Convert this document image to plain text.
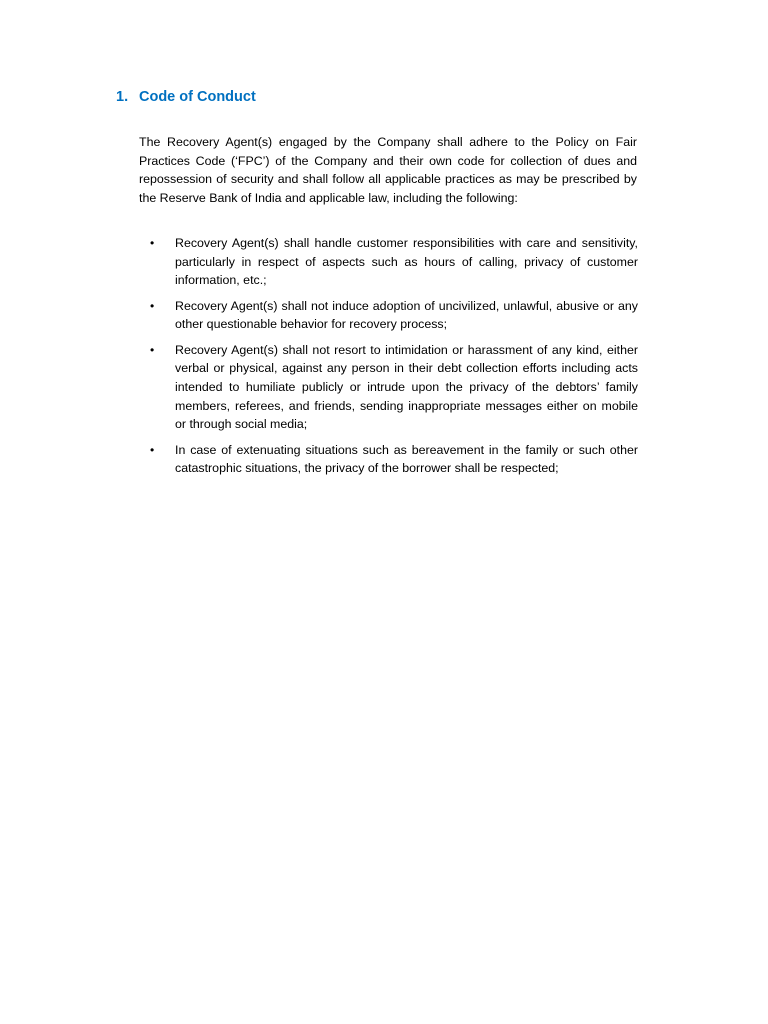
1. Code of Conduct

The Recovery Agent(s) engaged by the Company shall adhere to the Policy on Fair Practices Code (‘FPC’) of the Company and their own code for collection of dues and repossession of security and shall follow all applicable practices as may be prescribed by the Reserve Bank of India and applicable law, including the following:

• Recovery Agent(s) shall handle customer responsibilities with care and sensitivity, particularly in respect of aspects such as hours of calling, privacy of customer information, etc.;
• Recovery Agent(s) shall not induce adoption of uncivilized, unlawful, abusive or any other questionable behavior for recovery process;
• Recovery Agent(s) shall not resort to intimidation or harassment of any kind, either verbal or physical, against any person in their debt collection efforts including acts intended to humiliate publicly or intrude upon the privacy of the debtors’ family members, referees, and friends, sending inappropriate messages either on mobile or through social media;
• In case of extenuating situations such as bereavement in the family or such other catastrophic situations, the privacy of the borrower shall be respected;
